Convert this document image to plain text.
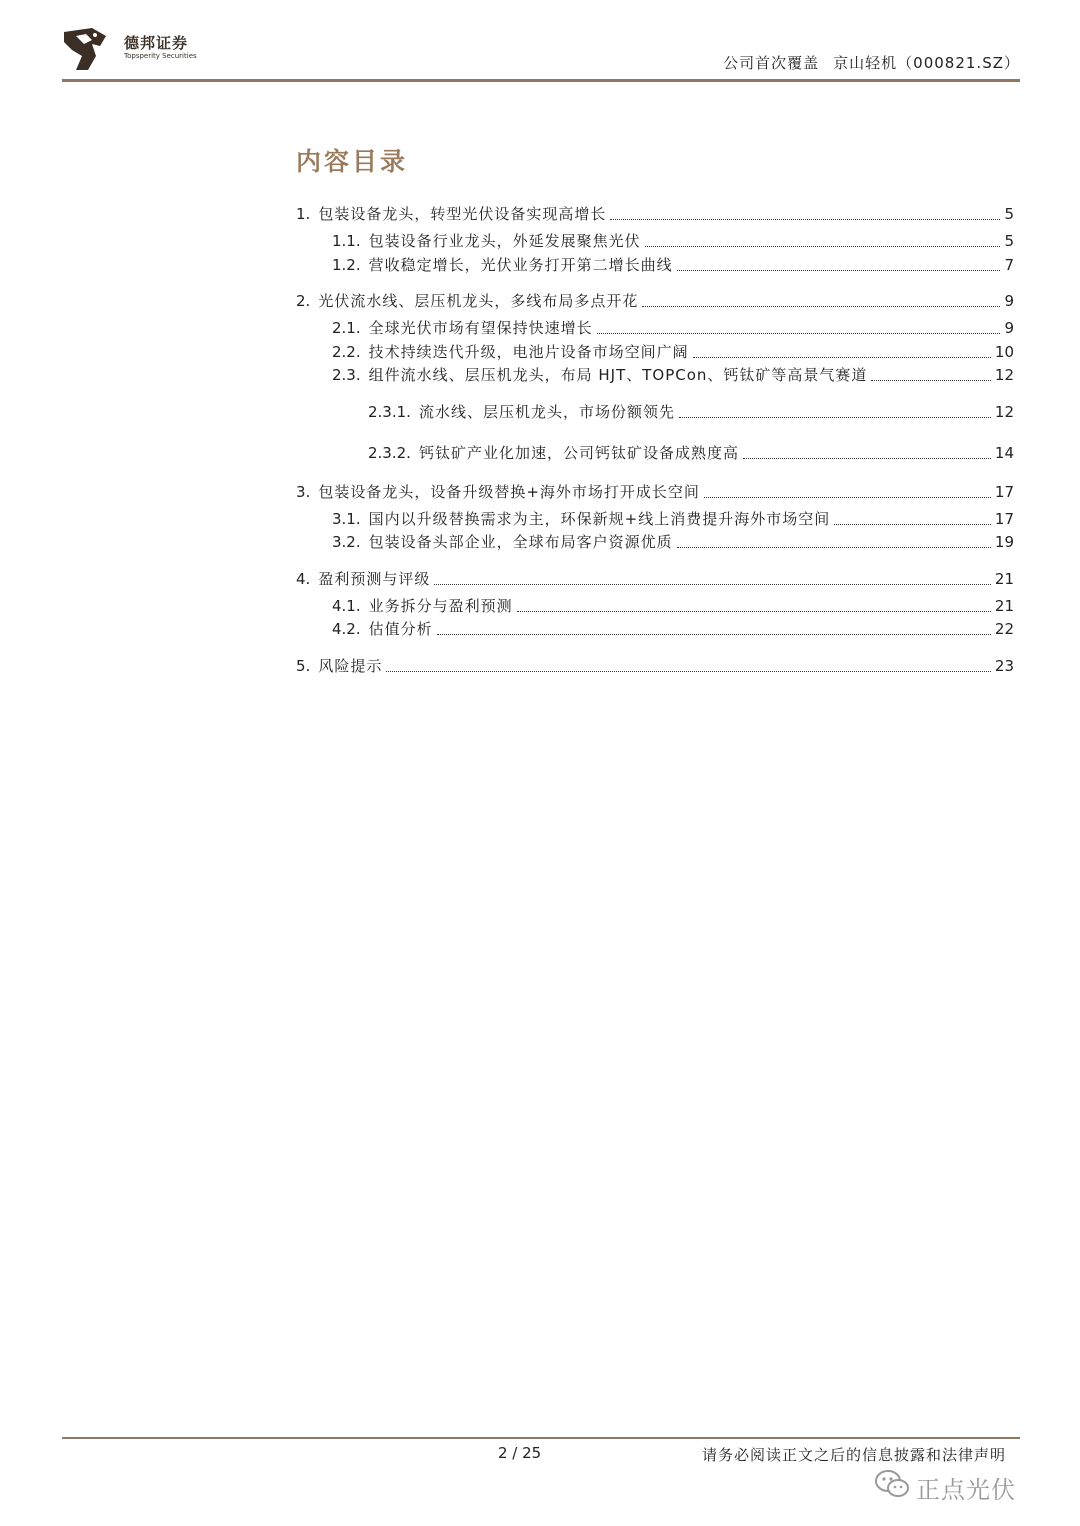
德邦证券
Topsperity Securities	公司首次覆盖 京山轻机（000821.SZ）
内容目录
1. 包装设备龙头，转型光伏设备实现高增长	5
1.1. 包装设备行业龙头，外延发展聚焦光伏	5
1.2. 营收稳定增长，光伏业务打开第二增长曲线	7
2. 光伏流水线、层压机龙头，多线布局多点开花	9
2.1. 全球光伏市场有望保持快速增长	9
2.2. 技术持续迭代升级，电池片设备市场空间广阔	10
2.3. 组件流水线、层压机龙头，布局 HJT、TOPCon、钙钛矿等高景气赛道	12
2.3.1. 流水线、层压机龙头，市场份额领先	12
2.3.2. 钙钛矿产业化加速，公司钙钛矿设备成熟度高	14
3. 包装设备龙头，设备升级替换+海外市场打开成长空间	17
3.1. 国内以升级替换需求为主，环保新规+线上消费提升海外市场空间	17
3.2. 包装设备头部企业，全球布局客户资源优质	19
4. 盈利预测与评级	21
4.1. 业务拆分与盈利预测	21
4.2. 估值分析	22
5. 风险提示	23
2 / 25	请务必阅读正文之后的信息披露和法律声明
正点光伏
